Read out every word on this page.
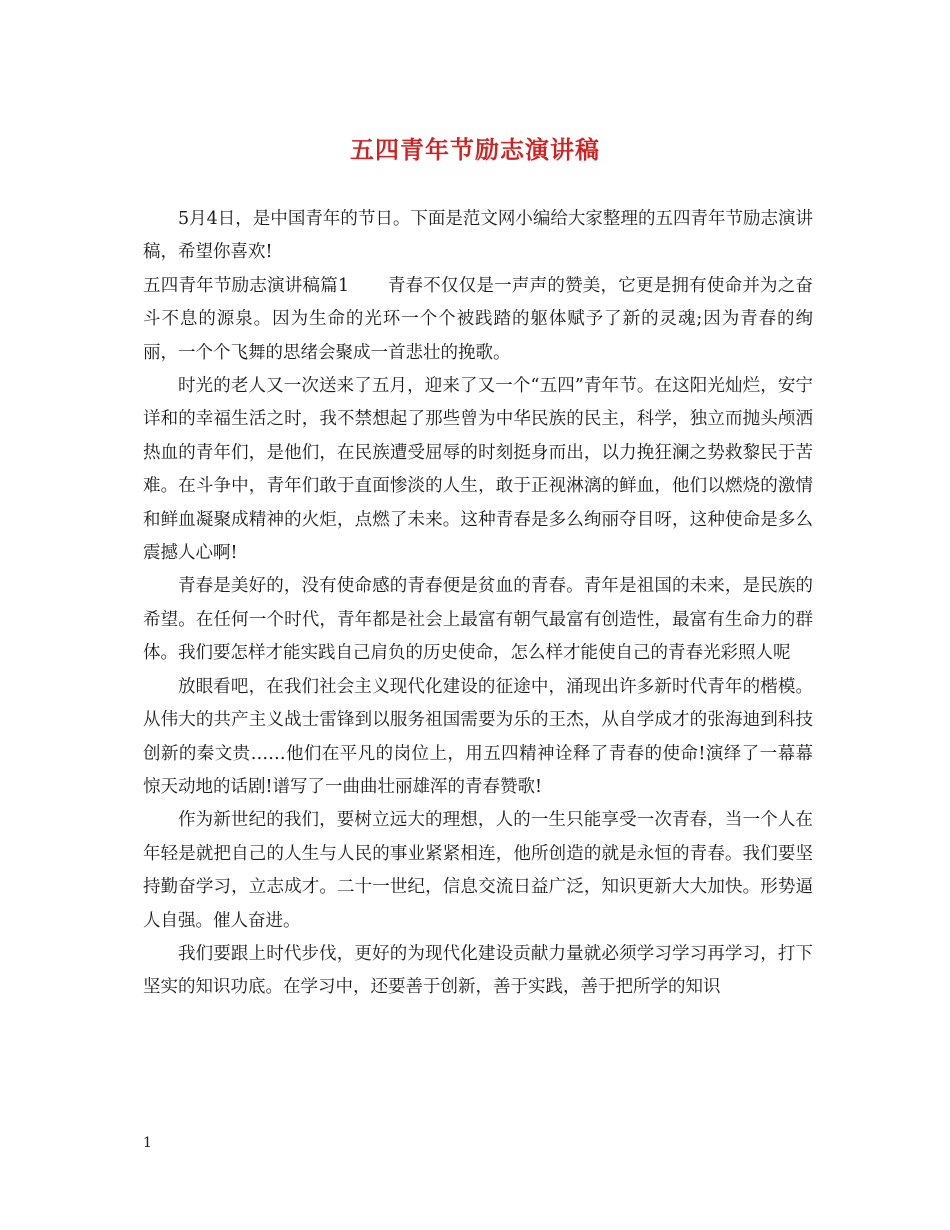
五四青年节励志演讲稿

5月4日，是中国青年的节日。下面是范文网小编给大家整理的五四青年节励志演讲稿，希望你喜欢!

五四青年节励志演讲稿篇1 青春不仅仅是一声声的赞美，它更是拥有使命并为之奋斗不息的源泉。因为生命的光环一个个被践踏的躯体赋予了新的灵魂;因为青春的绚丽，一个个飞舞的思绪会聚成一首悲壮的挽歌。

时光的老人又一次送来了五月，迎来了又一个“五四”青年节。在这阳光灿烂，安宁详和的幸福生活之时，我不禁想起了那些曾为中华民族的民主，科学，独立而抛头颅洒热血的青年们，是他们，在民族遭受屈辱的时刻挺身而出，以力挽狂澜之势救黎民于苦难。在斗争中，青年们敢于直面惨淡的人生，敢于正视淋漓的鲜血，他们以燃烧的激情和鲜血凝聚成精神的火炬，点燃了未来。这种青春是多么绚丽夺目呀，这种使命是多么震撼人心啊!

青春是美好的，没有使命感的青春便是贫血的青春。青年是祖国的未来，是民族的希望。在任何一个时代，青年都是社会上最富有朝气最富有创造性，最富有生命力的群体。我们要怎样才能实践自己肩负的历史使命，怎么样才能使自己的青春光彩照人呢

放眼看吧，在我们社会主义现代化建设的征途中，涌现出许多新时代青年的楷模。从伟大的共产主义战士雷锋到以服务祖国需要为乐的王杰，从自学成才的张海迪到科技创新的秦文贵……他们在平凡的岗位上，用五四精神诠释了青春的使命!演绎了一幕幕惊天动地的话剧!谱写了一曲曲壮丽雄浑的青春赞歌!

作为新世纪的我们，要树立远大的理想，人的一生只能享受一次青春，当一个人在年轻是就把自己的人生与人民的事业紧紧相连，他所创造的就是永恒的青春。我们要坚持勤奋学习，立志成才。二十一世纪，信息交流日益广泛，知识更新大大加快。形势逼人自强。催人奋进。

我们要跟上时代步伐，更好的为现代化建设贡献力量就必须学习学习再学习，打下坚实的知识功底。在学习中，还要善于创新，善于实践，善于把所学的知识

1
